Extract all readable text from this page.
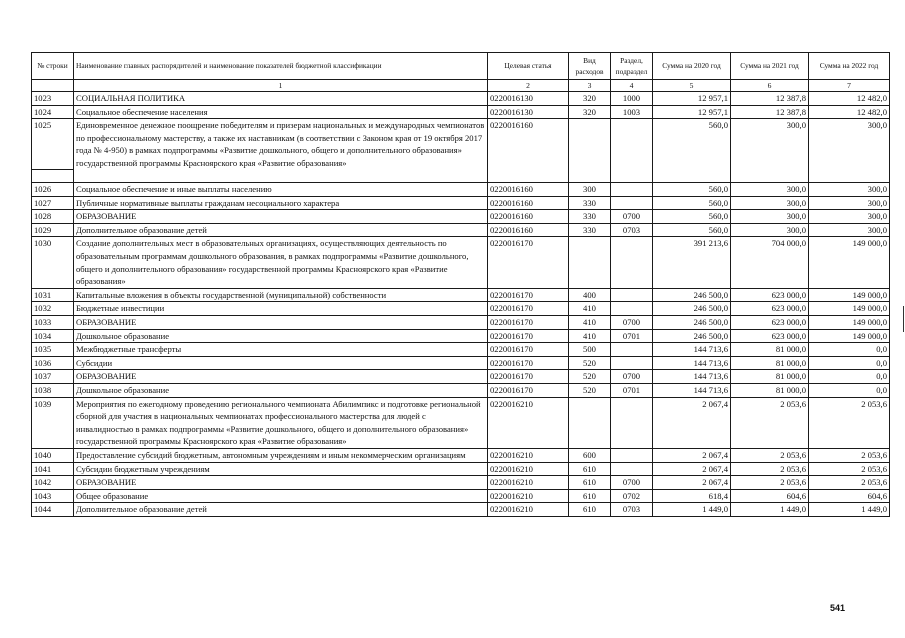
№ строки	Наименование главных распорядителей и наименование показателей бюджетной классификации	Целевая статья	Вид расходов	Раздел, подраздел	Сумма на 2020 год	Сумма на 2021 год	Сумма на 2022 год
	1	2	3	4	5	6	7
1023	СОЦИАЛЬНАЯ ПОЛИТИКА	0220016130	320	1000	12 957,1	12 387,8	12 482,0
1024	Социальное обеспечение населения	0220016130	320	1003	12 957,1	12 387,8	12 482,0
1025	Единовременное денежное поощрение победителям и призерам национальных и международных чемпионатов по профессиональному мастерству, а также их наставникам (в соответствии с Законом края от 19 октября 2017 года № 4-950) в рамках подпрограммы «Развитие дошкольного, общего и дополнительного образования» государственной программы Красноярского края «Развитие образования»	0220016160			560,0	300,0	300,0

1026	Социальное обеспечение и иные выплаты населению	0220016160	300		560,0	300,0	300,0
1027	Публичные нормативные выплаты гражданам несоциального характера	0220016160	330		560,0	300,0	300,0
1028	ОБРАЗОВАНИЕ	0220016160	330	0700	560,0	300,0	300,0
1029	Дополнительное образование детей	0220016160	330	0703	560,0	300,0	300,0
1030	Создание дополнительных мест в образовательных организациях, осуществляющих деятельность по образовательным программам дошкольного образования, в рамках подпрограммы «Развитие дошкольного, общего и дополнительного образования» государственной программы Красноярского края «Развитие образования»	0220016170			391 213,6	704 000,0	149 000,0
1031	Капитальные вложения в объекты государственной (муниципальной) собственности	0220016170	400		246 500,0	623 000,0	149 000,0
1032	Бюджетные инвестиции	0220016170	410		246 500,0	623 000,0	149 000,0
1033	ОБРАЗОВАНИЕ	0220016170	410	0700	246 500,0	623 000,0	149 000,0
1034	Дошкольное образование	0220016170	410	0701	246 500,0	623 000,0	149 000,0
1035	Межбюджетные трансферты	0220016170	500		144 713,6	81 000,0	0,0
1036	Субсидии	0220016170	520		144 713,6	81 000,0	0,0
1037	ОБРАЗОВАНИЕ	0220016170	520	0700	144 713,6	81 000,0	0,0
1038	Дошкольное образование	0220016170	520	0701	144 713,6	81 000,0	0,0
1039	Мероприятия по ежегодному проведению регионального чемпионата Абилимпикс и подготовке региональной сборной для участия в национальных чемпионатах профессионального мастерства для людей с инвалидностью в рамках подпрограммы «Развитие дошкольного, общего и дополнительного образования» государственной программы Красноярского края «Развитие образования»	0220016210			2 067,4	2 053,6	2 053,6
1040	Предоставление субсидий бюджетным, автономным учреждениям и иным некоммерческим организациям	0220016210	600		2 067,4	2 053,6	2 053,6
1041	Субсидии бюджетным учреждениям	0220016210	610		2 067,4	2 053,6	2 053,6
1042	ОБРАЗОВАНИЕ	0220016210	610	0700	2 067,4	2 053,6	2 053,6
1043	Общее образование	0220016210	610	0702	618,4	604,6	604,6
1044	Дополнительное образование детей	0220016210	610	0703	1 449,0	1 449,0	1 449,0
541
